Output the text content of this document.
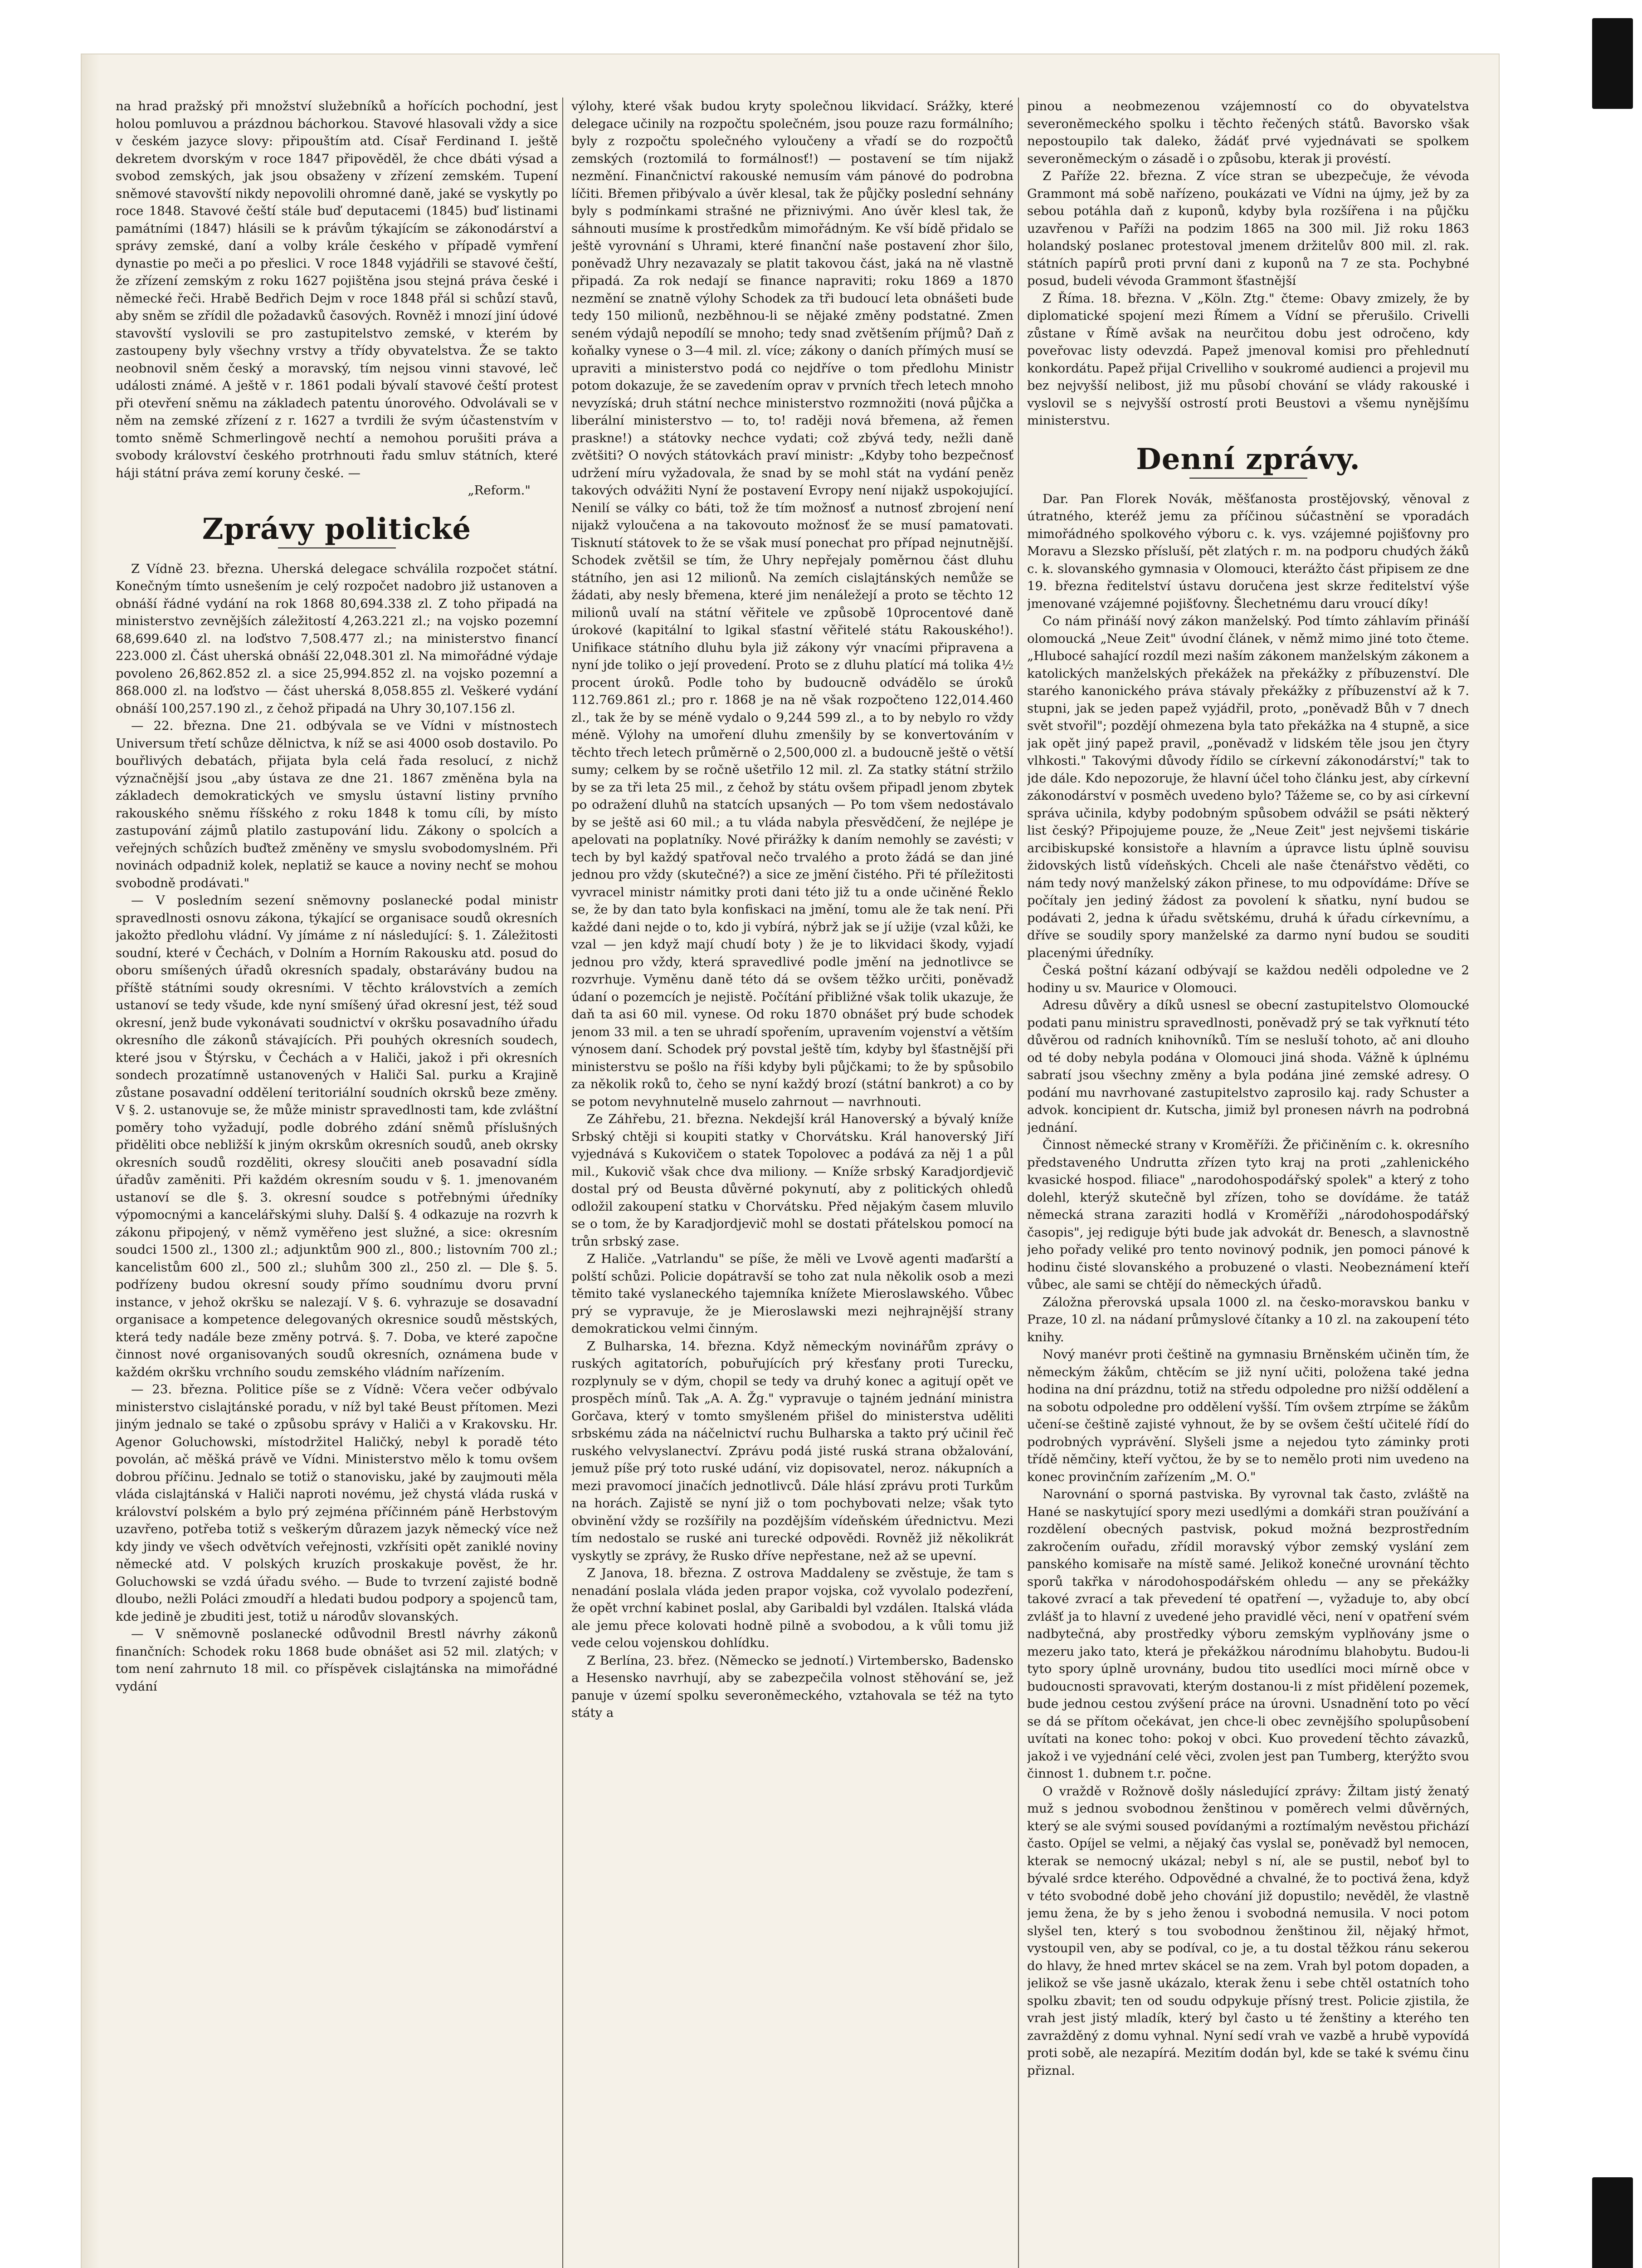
na hrad pražský při množství služebníků a hořících pochodní, jest holou pomluvou a prázdnou báchorkou. Stavové hlasovali vždy a sice v českém jazyce slovy: připouštím atd. Císař Ferdinand I. ještě dekretem dvorským v roce 1847 připověděl, že chce dbáti výsad a svobod zemských, jak jsou obsaženy v zřízení zemském. Tupení sněmové stavovští nikdy nepovolili ohromné daně, jaké se vyskytly po roce 1848. Stavové čeští stále buď deputacemi (1845) buď listinami památními (1847) hlásili se k právům týkajícím se zákonodárství a správy zemské, daní a volby krále českého v případě vymření dynastie po meči a po přeslici. V roce 1848 vyjádřili se stavové čeští, že zřízení zemským z roku 1627 pojištěna jsou stejná práva české i německé řeči. Hrabě Bedřich Dejm v roce 1848 přál si schůzí stavů, aby sněm se zřídil dle požadavků časových. Rovněž i mnozí jiní údové stavovští vyslovili se pro zastupitelstvo zemské, v kterém by zastoupeny byly všechny vrstvy a třídy obyvatelstva. Že se takto neobnovil sněm český a moravský, tím nejsou vinni stavové, leč události známé. A ještě v r. 1861 podali bývalí stavové čeští protest při otevření sněmu na základech patentu únorového. Odvolávali se v něm na zemské zřízení z r. 1627 a tvrdili že svým účastenstvím v tomto sněmě Schmerlingově nechtí a nemohou porušiti práva a svobody království českého protrhnouti řadu smluv státních, které háji státní práva zemí koruny české. —

„Reform."

Zprávy politické

Z Vídně 23. března. Uherská delegace schválila rozpočet státní. Konečným tímto usnešením je celý rozpočet nadobro již ustanoven a obnáší řádné vydání na rok 1868 80,694.338 zl. Z toho připadá na ministerstvo zevnějších záležitostí 4,263.221 zl.; na vojsko pozemní 68,699.640 zl. na loďstvo 7,508.477 zl.; na ministerstvo financí 223.000 zl. Část uherská obnáší 22,048.301 zl. Na mimořádné výdaje povoleno 26,862.852 zl. a sice 25,994.852 zl. na vojsko pozemní a 868.000 zl. na loďstvo — část uherská 8,058.855 zl. Veškeré vydání obnáší 100,257.190 zl., z čehož připadá na Uhry 30,107.156 zl.

— 22. března. Dne 21. odbývala se ve Vídni v místnostech Universum třetí schůze dělnictva, k níž se asi 4000 osob dostavilo. Po bouřlivých debatách, přijata byla celá řada resolucí, z nichž význačnější jsou „aby ústava ze dne 21. 1867 změněna byla na základech demokratických ve smyslu ústavní listiny prvního rakouského sněmu říšského z roku 1848 k tomu cíli, by místo zastupování zájmů platilo zastupování lidu. Zákony o spolcích a veřejných schůzích buďtež změněny ve smyslu svobodomyslném. Při novinách odpadniž kolek, neplatiž se kauce a noviny nechť se mohou svobodně prodávati."

— V posledním sezení sněmovny poslanecké podal ministr spravedlnosti osnovu zákona, týkající se organisace soudů okresních jakožto předlohu vládní. Vy jímáme z ní následující: §. 1. Záležitosti soudní, které v Čechách, v Dolním a Horním Rakousku atd. posud do oboru smíšených úřadů okresních spadaly, obstarávány budou na příště státními soudy okresními. V těchto královstvích a zemích ustanoví se tedy všude, kde nyní smíšený úřad okresní jest, též soud okresní, jenž bude vykonávati soudnictví v okršku posavadního úřadu okresního dle zákonů stávajících. Při pouhých okresních soudech, které jsou v Štýrsku, v Čechách a v Haliči, jakož i při okresních sondech prozatímně ustanovených v Haliči Sal. purku a Krajině zůstane posavadní oddělení teritoriální soudních okrsků beze změny. V §. 2. ustanovuje se, že může ministr spravedlnosti tam, kde zvláštní poměry toho vyžadují, podle dobrého zdání sněmů příslušných přiděliti obce nebližší k jiným okrskům okresních soudů, aneb okrsky okresních soudů rozděliti, okresy sloučiti aneb posavadní sídla úřadův zaměniti. Při každém okresním soudu v §. 1. jmenovaném ustanoví se dle §. 3. okresní soudce s potřebnými úředníky výpomocnými a kancelářskými sluhy. Další §. 4 odkazuje na rozvrh k zákonu připojený, v němž vyměřeno jest služné, a sice: okresním soudci 1500 zl., 1300 zl.; adjunktům 900 zl., 800.; listovním 700 zl.; kancelistům 600 zl., 500 zl.; sluhům 300 zl., 250 zl. — Dle §. 5. podřízeny budou okresní soudy přímo soudnímu dvoru první instance, v jehož okršku se nalezají. V §. 6. vyhrazuje se dosavadní organisace a kompetence delegovaných okresnice soudů městských, která tedy nadále beze změny potrvá. §. 7. Doba, ve které započne činnost nové organisovaných soudů okresních, oznámena bude v každém okršku vrchního soudu zemského vládním nařízením.

— 23. března. Politice píše se z Vídně: Včera večer odbývalo ministerstvo cislajtánské poradu, v níž byl také Beust přítomen. Mezi jiným jednalo se také o způsobu správy v Haliči a v Krakovsku. Hr. Agenor Goluchowski, místodržitel Haličký, nebyl k poradě této povolán, ač měšká právě ve Vídni. Ministerstvo mělo k tomu ovšem dobrou příčinu. Jednalo se totiž o stanovisku, jaké by zaujmouti měla vláda cislajtánská v Haliči naproti novému, jež chystá vláda ruská v království polském a bylo prý zejména příčinném páně Herbstovým uzavřeno, potřeba totiž s veškerým důrazem jazyk německý více než kdy jindy ve všech odvětvích veřejnosti, vzkřísiti opět zaniklé noviny německé atd. V polských kruzích proskakuje pověst, že hr. Goluchowski se vzdá úřadu svého. — Bude to tvrzení zajisté bodně dloubo, nežli Poláci zmoudří a hledati budou podpory a spojenců tam, kde jedině je zbuditi jest, totiž u národův slovanských.

— V sněmovně poslanecké odůvodnil Brestl návrhy zákonů finančních: Schodek roku 1868 bude obnášet asi 52 mil. zlatých; v tom není zahrnuto 18 mil. co příspěvek cislajtánska na mimořádné vydání

výlohy, které však budou kryty společnou likvidací. Srážky, které delegace učinily na rozpočtu společném, jsou pouze razu formálního; byly z rozpočtu společného vyloučeny a vřadí se do rozpočtů zemských (roztomilá to formálnosť!) — postavení se tím nijakž nezmění. Finančnictví rakouské nemusím vám pánové do podrobna líčiti. Břemen přibývalo a úvěr klesal, tak že půjčky poslední sehnány byly s podmínkami strašné ne přiznivými. Ano úvěr klesl tak, že sáhnouti musíme k prostředkům mimořádným. Ke vší bídě přidalo se ještě vyrovnání s Uhrami, které finanční naše postavení zhor šilo, poněvadž Uhry nezavazaly se platit takovou část, jaká na ně vlastně připadá. Za rok nedají se finance napraviti; roku 1869 a 1870 nezmění se znatně výlohy Schodek za tři budoucí leta obnášeti bude tedy 150 milionů, nezběhnou-li se nějaké změny podstatné. Zmen seném výdajů nepodílí se mnoho; tedy snad zvětšením příjmů? Daň z koňalky vynese o 3—4 mil. zl. více; zákony o daních přímých musí se upraviti a ministerstvo podá co nejdříve o tom předlohu Ministr potom dokazuje, že se zavedením oprav v prvních třech letech mnoho nevyzíská; druh státní nechce ministerstvo rozmnožiti (nová půjčka a liberální ministerstvo — to, to! raději nová břemena, až řemen praskne!) a státovky nechce vydati; což zbývá tedy, nežli daně zvětšiti? O nových státovkách praví ministr: „Kdyby toho bezpečnosť udržení míru vyžadovala, že snad by se mohl stát na vydání peněz takových odvážiti Nyní že postavení Evropy není nijakž uspokojující. Nenilí se války co báti, tož že tím možnosť a nutnosť zbrojení není nijakž vyloučena a na takovouto možnosť že se musí pamatovati. Tisknutí státovek to že se však musí ponechat pro případ nejnutnější. Schodek zvětšil se tím, že Uhry nepřejaly poměrnou část dluhu státního, jen asi 12 milionů. Na zemích cislajtánských nemůže se žádati, aby nesly břemena, které jim nenáležejí a proto se těchto 12 milionů uvalí na státní věřitele ve způsobě 10procentové daně úrokové (kapitální to lgikal sťastní věřitelé státu Rakouského!). Unifikace státního dluhu byla již zákony výr vnacími připravena a nyní jde toliko o její provedení. Proto se z dluhu platící má tolika 4½ procent úroků. Podle toho by budoucně odvádělo se úroků 112.769.861 zl.; pro r. 1868 je na ně však rozpočteno 122,014.460 zl., tak že by se méně vydalo o 9,244 599 zl., a to by nebylo ro vždy méně. Výlohy na umoření dluhu zmenšily by se konvertováním v těchto třech letech průměrně o 2,500,000 zl. a budoucně ještě o větší sumy; celkem by se ročně ušetřilo 12 mil. zl. Za statky státní stržilo by se za tři leta 25 mil., z čehož by státu ovšem připadl jenom zbytek po odražení dluhů na statcích upsaných — Po tom všem nedostávalo by se ještě asi 60 mil.; a tu vláda nabyla přesvědčení, že nejlépe je apelovati na poplatníky. Nové přirážky k daním nemohly se zavésti; v tech by byl každý spatřoval nečo trvalého a proto žádá se dan jiné jednou pro vždy (skutečné?) a sice ze jmění čistého. Při té příležitosti vyvracel ministr námitky proti dani této již tu a onde učiněné Řeklo se, že by dan tato byla konfiskaci na jmění, tomu ale že tak není. Při každé dani nejde o to, kdo ji vybírá, nýbrž jak se jí užije (vzal kůži, ke vzal — jen když mají chudí boty ) že je to likvidaci škody, vyjadí jednou pro vždy, která spravedlivé podle jmění na jednotlivce se rozvrhuje. Vyměnu daně této dá se ovšem těžko určiti, poněvadž údaní o pozemcích je nejistě. Počítání přibližné však tolik ukazuje, že daň ta asi 60 mil. vynese. Od roku 1870 obnášet prý bude schodek jenom 33 mil. a ten se uhradí spořením, upravením vojenství a větším výnosem daní. Schodek prý povstal ještě tím, kdyby byl šťastnější při ministerstvu se pošlo na říši kdyby byli půjčkami; to že by spůsobilo za několik roků to, čeho se nyní každý brozí (státní bankrot) a co by se potom nevyhnutelně muselo zahrnout — navrhnouti.

Ze Záhřebu, 21. března. Nekdejší král Hanoverský a bývalý kníže Srbský chtěji si koupiti statky v Chorvátsku. Král hanoverský Jiří vyjednává s Kukovičem o statek Topolovec a podává za něj 1 a půl mil., Kukovič však chce dva miliony. — Kníže srbský Karadjordjevič dostal prý od Beusta důvěrné pokynutí, aby z politických ohledů odložil zakoupení statku v Chorvátsku. Před nějakým časem mluvilo se o tom, že by Karadjordjevič mohl se dostati přátelskou pomocí na trůn srbský zase.

Z Haliče. „Vatrlandu" se píše, že měli ve Lvově agenti maďarští a polští schůzi. Policie dopátravší se toho zat nula několik osob a mezi těmito také vyslaneckého tajemníka knížete Mieroslawského. Vůbec prý se vypravuje, že je Mieroslawski mezi nejhrajnější strany demokratickou velmi činným.

Z Bulharska, 14. března. Když německým novinářům zprávy o ruských agitatorích, pobuřujících prý křesťany proti Turecku, rozplynuly se v dým, chopil se tedy va druhý konec a agitují opět ve prospěch mínů. Tak „A. A. Žg." vypravuje o tajném jednání ministra Gorčava, který v tomto smyšleném přišel do ministerstva uděliti srbskému záda na náčelnictví ruchu Bulharska a takto prý učinil řeč ruského velvyslanectví. Zprávu podá jisté ruská strana obžalování, jemuž píše prý toto ruské udání, viz dopisovatel, neroz. nákupních a mezi pravomocí jinačích jednotlivců. Dále hlásí zprávu proti Turkům na horách. Zajistě se nyní již o tom pochybovati nelze; však tyto obvinění vždy se rozšířily na pozdějším vídeňském úřednictvu. Mezi tím nedostalo se ruské ani turecké odpovědi. Rovněž již několikrát vyskytly se zprávy, že Rusko dříve nepřestane, než až se upevní.

Z Janova, 18. března. Z ostrova Maddaleny se zvěstuje, že tam s nenadání poslala vláda jeden prapor vojska, což vyvolalo podezření, že opět vrchní kabinet poslal, aby Garibaldi byl vzdálen. Italská vláda ale jemu přece kolovati hodně pilně a svobodou, a k vůli tomu již vede celou vojenskou dohlídku.

Z Berlína, 23. břez. (Německo se jednotí.) Virtembersko, Badensko a Hesensko navrhují, aby se zabezpečila volnost stěhování se, jež panuje v území spolku severoněmeckého, vztahovala se též na tyto státy a

pinou a neobmezenou vzájemností co do obyvatelstva severoněmeckého spolku i těchto řečených států. Bavorsko však nepostoupilo tak daleko, žádáť prvé vyjednávati se spolkem severoněmeckým o zásadě i o způsobu, kterak ji provéstí.

Z Paříže 22. března. Z více stran se ubezpečuje, že vévoda Grammont má sobě nařízeno, poukázati ve Vídni na újmy, jež by za sebou potáhla daň z kuponů, kdyby byla rozšířena i na půjčku uzavřenou v Paříži na podzim 1865 na 300 mil. Již roku 1863 holandský poslanec protestoval jmenem držitelův 800 mil. zl. rak. státních papírů proti první dani z kuponů na 7 ze sta. Pochybné posud, budeli vévoda Grammont šťastnější

Z Říma. 18. března. V „Köln. Ztg." čteme: Obavy zmizely, že by diplomatické spojení mezi Římem a Vídní se přerušilo. Crivelli zůstane v Římě avšak na neurčitou dobu jest odročeno, kdy poveřovac listy odevzdá. Papež jmenoval komisi pro přehlednutí konkordátu. Papež přijal Crivelliho v soukromé audienci a projevil mu bez nejvyšší nelibost, již mu působí chování se vlády rakouské i vyslovil se s nejvyšší ostrostí proti Beustovi a všemu nynějšímu ministerstvu.

Denní zprávy.

Dar. Pan Florek Novák, měšťanosta prostějovský, věnoval z útratného, kteréž jemu za příčinou súčastnění se vporadách mimořádného spolkového výboru c. k. vys. vzájemné pojišťovny pro Moravu a Slezsko přísluší, pět zlatých r. m. na podporu chudých žáků c. k. slovanského gymnasia v Olomouci, kterážto část připisem ze dne 19. března ředitelství ústavu doručena jest skrze ředitelství výše jmenované vzájemné pojišťovny. Šlechetnému daru vroucí díky!

Co nám přináší nový zákon manželský. Pod tímto záhlavím přináší olomoucká „Neue Zeit" úvodní článek, v němž mimo jiné toto čteme. „Hlubocé sahající rozdíl mezi naším zákonem manželským zákonem a katolických manželských překážek na překážky z příbuzenství. Dle starého kanonického práva stávaly překážky z příbuzenství až k 7. stupni, jak se jeden papež vyjádřil, proto, „poněvadž Bůh v 7 dnech svět stvořil"; pozdějí ohmezena byla tato překážka na 4 stupně, a sice jak opět jiný papež pravil, „poněvadž v lidském těle jsou jen čtyry vlhkosti." Takovými důvody řídilo se církevní zákonodárství;" tak to jde dále. Kdo nepozoruje, že hlavní účel toho článku jest, aby církevní zákonodárství v posměch uvedeno bylo? Tážeme se, co by asi církevní správa učinila, kdyby podobným spůsobem odvážil se psáti některý list český? Připojujeme pouze, že „Neue Zeit" jest nejvšemi tiskárie arcibiskupské konsistoře a hlavním a úpravce listu úplně souvisu židovských listů vídeňských. Chceli ale naše čtenářstvo věděti, co nám tedy nový manželský zákon přinese, to mu odpovídáme: Dříve se počítaly jen jediný žádost za povolení k sňatku, nyní budou se podávati 2, jedna k úřadu světskému, druhá k úřadu církevnímu, a dříve se soudily spory manželské za darmo nyní budou se souditi placenými úředníky.

Česká poštní kázaní odbývají se každou neděli odpoledne ve 2 hodiny u sv. Maurice v Olomouci.

Adresu důvěry a díků usnesl se obecní zastupitelstvo Olomoucké podati panu ministru spravedlnosti, poněvadž prý se tak vyřknutí této důvěrou od radních knihovníků. Tím se nesluší tohoto, ač ani dlouho od té doby nebyla podána v Olomouci jiná shoda. Vážně k úplnému sabratí jsou všechny změny a byla podána jiné zemské adresy. O podání mu navrhované zastupitelstvo zaprosilo kaj. rady Schuster a advok. koncipient dr. Kutscha, jimiž byl pronesen návrh na podrobná jednání.

Činnost německé strany v Kroměříži. Že přičiněním c. k. okresního představeného Undrutta zřízen tyto kraj na proti „zahlenického kvasické hospod. filiace" „narodohospodářský spolek" a který z toho dolehl, kterýž skutečně byl zřízen, toho se dovídáme. že tatáž německá strana zaraziti hodlá v Kroměříži „národohospodářský časopis", jej rediguje býti bude jak advokát dr. Benesch, a slavnostně jeho pořady veliké pro tento novinový podnik, jen pomoci pánové k hodinu čisté slovanského a probuzené o vlasti. Neobeznámení kteří vůbec, ale sami se chtějí do německých úřadů.

Záložna přerovská upsala 1000 zl. na česko-moravskou banku v Praze, 10 zl. na nádaní průmyslové čítanky a 10 zl. na zakoupení této knihy.

Nový manévr proti češtině na gymnasiu Brněnském učiněn tím, že německým žákům, chtěcím se již nyní učiti, položena také jedna hodina na dní prázdnu, totiž na středu odpoledne pro nižší oddělení a na sobotu odpoledne pro oddělení vyšší. Tím ovšem ztrpíme se žákům učení-se češtině zajisté vyhnout, že by se ovšem čeští učitelé řídí do podrobných vyprávění. Slyšeli jsme a nejedou tyto záminky proti třídě němčiny, kteří vyčtou, že by se to nemělo proti nim uvedeno na konec provinčním zařízením „M. O."

Narovnání o sporná pastviska. By vyrovnal tak často, zvláště na Hané se naskytující spory mezi usedlými a domkáři stran používání a rozdělení obecných pastvisk, pokud možná bezprostředním zakročením ouřadu, zřídil moravský výbor zemský vyslání zem panského komisaře na místě samé. Jelikož konečné urovnání těchto sporů takřka v národohospodářském ohledu — any se překážky takové zvrací a tak převedení té opatření —, vyžaduje to, aby obcí zvlášť ja to hlavní z uvedené jeho pravidlé věci, není v opatření svém nadbytečná, aby prostředky výboru zemským vyplňovány jsme o mezeru jako tato, která je překážkou národnímu blahobytu. Budou-li tyto spory úplně urovnány, budou tito usedlíci moci mírně obce v budoucnosti spravovati, kterým dostanou-li z míst přidělení pozemek, bude jednou cestou zvýšení práce na úrovni. Usnadnění toto po věcí se dá se přítom očekávat, jen chce-li obec zevnějšího spolupůsobení uvítati na konec toho: pokoj v obci. Kuo provedení těchto závazků, jakož i ve vyjednání celé věci, zvolen jest pan Tumberg, kterýžto svou činnost 1. dubnem t.r. počne.

O vraždě v Rožnově došly následující zprávy: Žiltam jistý ženatý muž s jednou svobodnou ženštinou v poměrech velmi důvěrných, který se ale svými soused povídanými a roztímalým nevěstou přichází často. Opíjel se velmi, a nějaký čas vyslal se, poněvadž byl nemocen, kterak se nemocný ukázal; nebyl s ní, ale se pustil, neboť byl to bývalé srdce kterého. Odpovědné a chvalné, že to poctivá žena, když v této svobodné době jeho chování již dopustilo; nevěděl, že vlastně jemu žena, že by s jeho ženou i svobodná nemusila. V noci potom slyšel ten, který s tou svobodnou ženštinou žil, nějaký hřmot, vystoupil ven, aby se podíval, co je, a tu dostal těžkou ránu sekerou do hlavy, že hned mrtev skácel se na zem. Vrah byl potom dopaden, a jelikož se vše jasně ukázalo, kterak ženu i sebe chtěl ostatních toho spolku zbavit; ten od soudu odpykuje přísný trest. Policie zjistila, že vrah jest jistý mladík, který byl často u té ženštiny a kterého ten zavražděný z domu vyhnal. Nyní sedí vrah ve vazbě a hrubě vypovídá proti sobě, ale nezapírá. Mezitím dodán byl, kde se také k svému činu přiznal.
